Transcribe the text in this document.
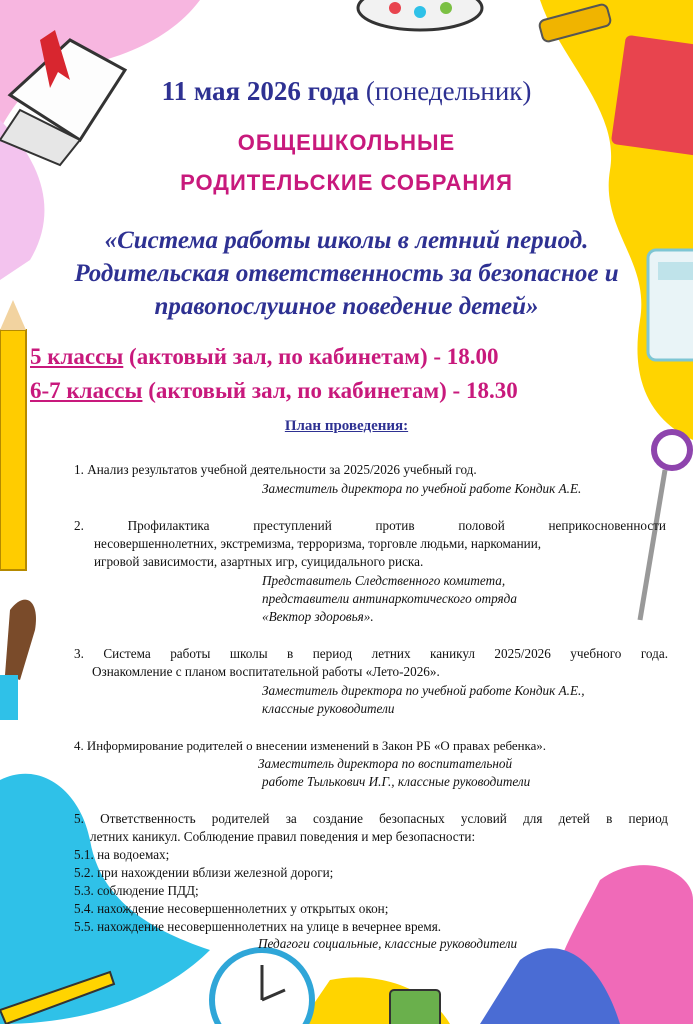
11 мая 2026 года (понедельник)
ОБЩЕШКОЛЬНЫЕ
РОДИТЕЛЬСКИЕ СОБРАНИЯ
«Система работы школы в летний период.
Родительская ответственность за безопасное и
правопослушное поведение детей»
5 классы (актовый зал, по кабинетам) - 18.00
6-7 классы (актовый зал, по кабинетам) - 18.30
План проведения:
1. Анализ результатов учебной деятельности за 2025/2026 учебный год.
Заместитель директора по учебной работе Кондик А.Е.
2. Профилактика преступлений против половой неприкосновенности
несовершеннолетних, экстремизма, терроризма, торговле людьми, наркомании,
игровой зависимости, азартных игр, суицидального риска.
Представитель Следственного комитета,
представители антинаркотического отряда
«Вектор здоровья».
3. Система работы школы в период летних каникул 2025/2026 учебного года.
Ознакомление с планом воспитательной работы «Лето-2026».
Заместитель директора по учебной работе Кондик А.Е.,
классные руководители
4. Информирование родителей о внесении изменений в Закон РБ «О правах ребенка».
Заместитель директора по воспитательной
работе Тылькович И.Г., классные руководители
5. Ответственность родителей за создание безопасных условий для детей в период
летних каникул. Соблюдение правил поведения и мер безопасности:
5.1. на водоемах;
5.2. при нахождении вблизи железной дороги;
5.3. соблюдение ПДД;
5.4. нахождение несовершеннолетних у открытых окон;
5.5. нахождение несовершеннолетних на улице в вечернее время.
Педагоги социальные, классные руководители
